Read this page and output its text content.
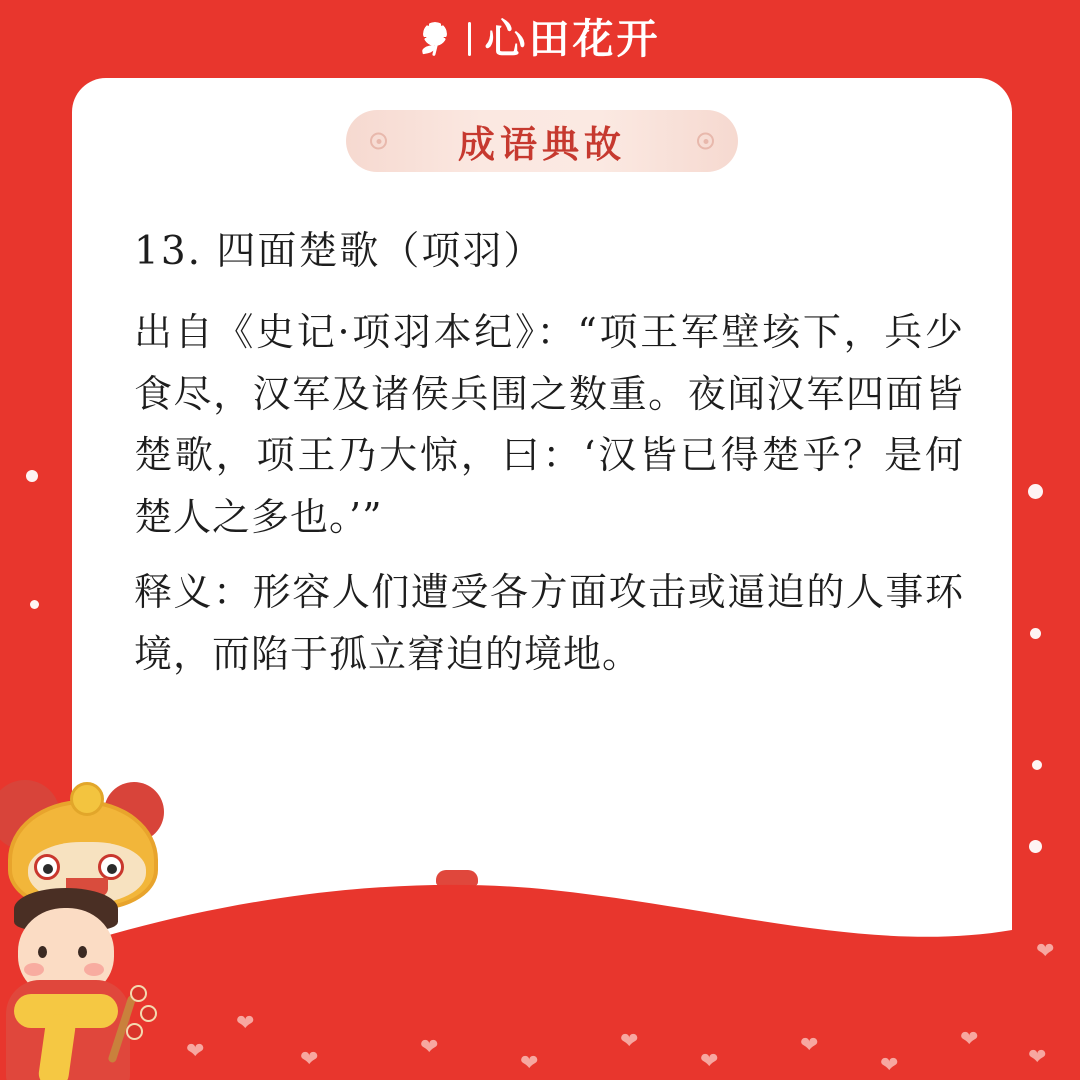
心田花开
成语典故
13. 四面楚歌（项羽）
出自《史记·项羽本纪》：“项王军壁垓下，兵少食尽，汉军及诸侯兵围之数重。夜闻汉军四面皆楚歌，项王乃大惊，曰：‘汉皆已得楚乎？是何楚人之多也。’”
释义：形容人们遭受各方面攻击或逼迫的人事环境，而陷于孤立窘迫的境地。
❤
❤
❤	❤
❤
❤
❤
❤
❤
❤
❤
❤
